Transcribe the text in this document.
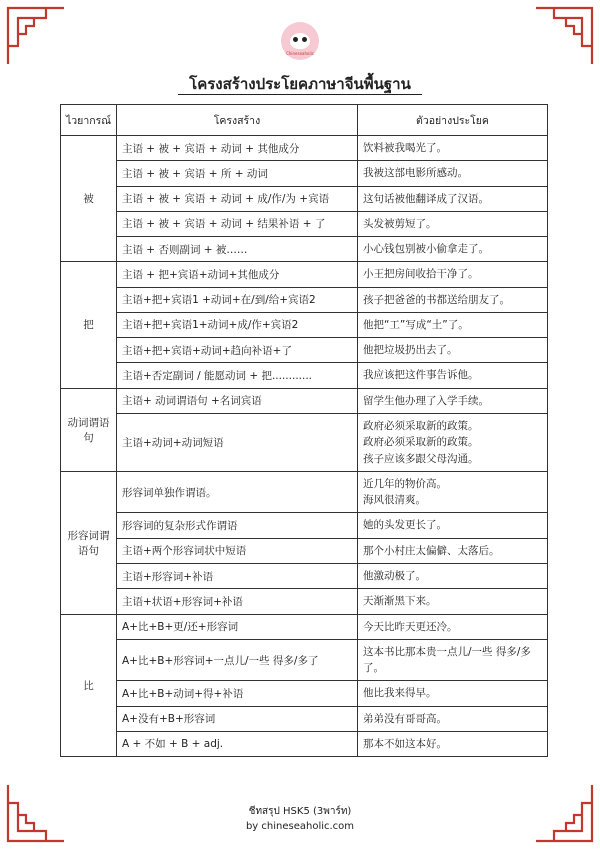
Chineseaholic
โครงสร้างประโยคภาษาจีนพื้นฐาน
ไวยากรณ์	โครงสร้าง	ตัวอย่างประโยค
被	主语 + 被 + 宾语 + 动词 + 其他成分	饮料被我喝光了。

	主语 + 被 + 宾语 + 所 + 动词	我被这部电影所感动。

	主语 + 被 + 宾语 + 动词 + 成/作/为 +宾语	这句话被他翻译成了汉语。

	主语 + 被 + 宾语 + 动词 + 结果补语 + 了	头发被剪短了。

	主语 + 否则副词 + 被……	小心钱包别被小偷拿走了。

把	主语 + 把+宾语+动词+其他成分	小王把房间收拾干净了。

	主语+把+宾语1 +动词+在/到/给+宾语2	孩子把爸爸的书都送给朋友了。

	主语+把+宾语1+动词+成/作+宾语2	他把“工”写成“土”了。

	主语+把+宾语+动词+趋向补语+了	他把垃圾扔出去了。

	主语+否定副词 / 能愿动词 + 把............	我应该把这件事告诉他。

动词谓语句	主语+ 动词谓语句 +名词宾语	留学生他办理了入学手续。

	主语+动词+动词短语	政府必须采取新的政策。
政府必须采取新的政策。
孩子应该多跟父母沟通。

形容词谓语句	形容词单独作谓语。	近几年的物价高。
海风很清爽。

	形容词的复杂形式作谓语	她的头发更长了。

	主语+两个形容词状中短语	那个小村庄太偏僻、太落后。

	主语+形容词+补语	他激动极了。

	主语+状语+形容词+补语	天渐渐黑下来。

比	A+比+B+更/还+形容词	今天比昨天更还冷。

	A+比+B+形容词+一点儿/一些 得多/多了	这本书比那本贵一点儿/一些 得多/多了。

	A+比+B+动词+得+补语	他比我来得早。

	A+没有+B+形容词	弟弟没有哥哥高。

	A + 不如 + B + adj.	那本不如这本好。
ชีทสรุป HSK5 (3พาร์ท)
by chineseaholic.com
